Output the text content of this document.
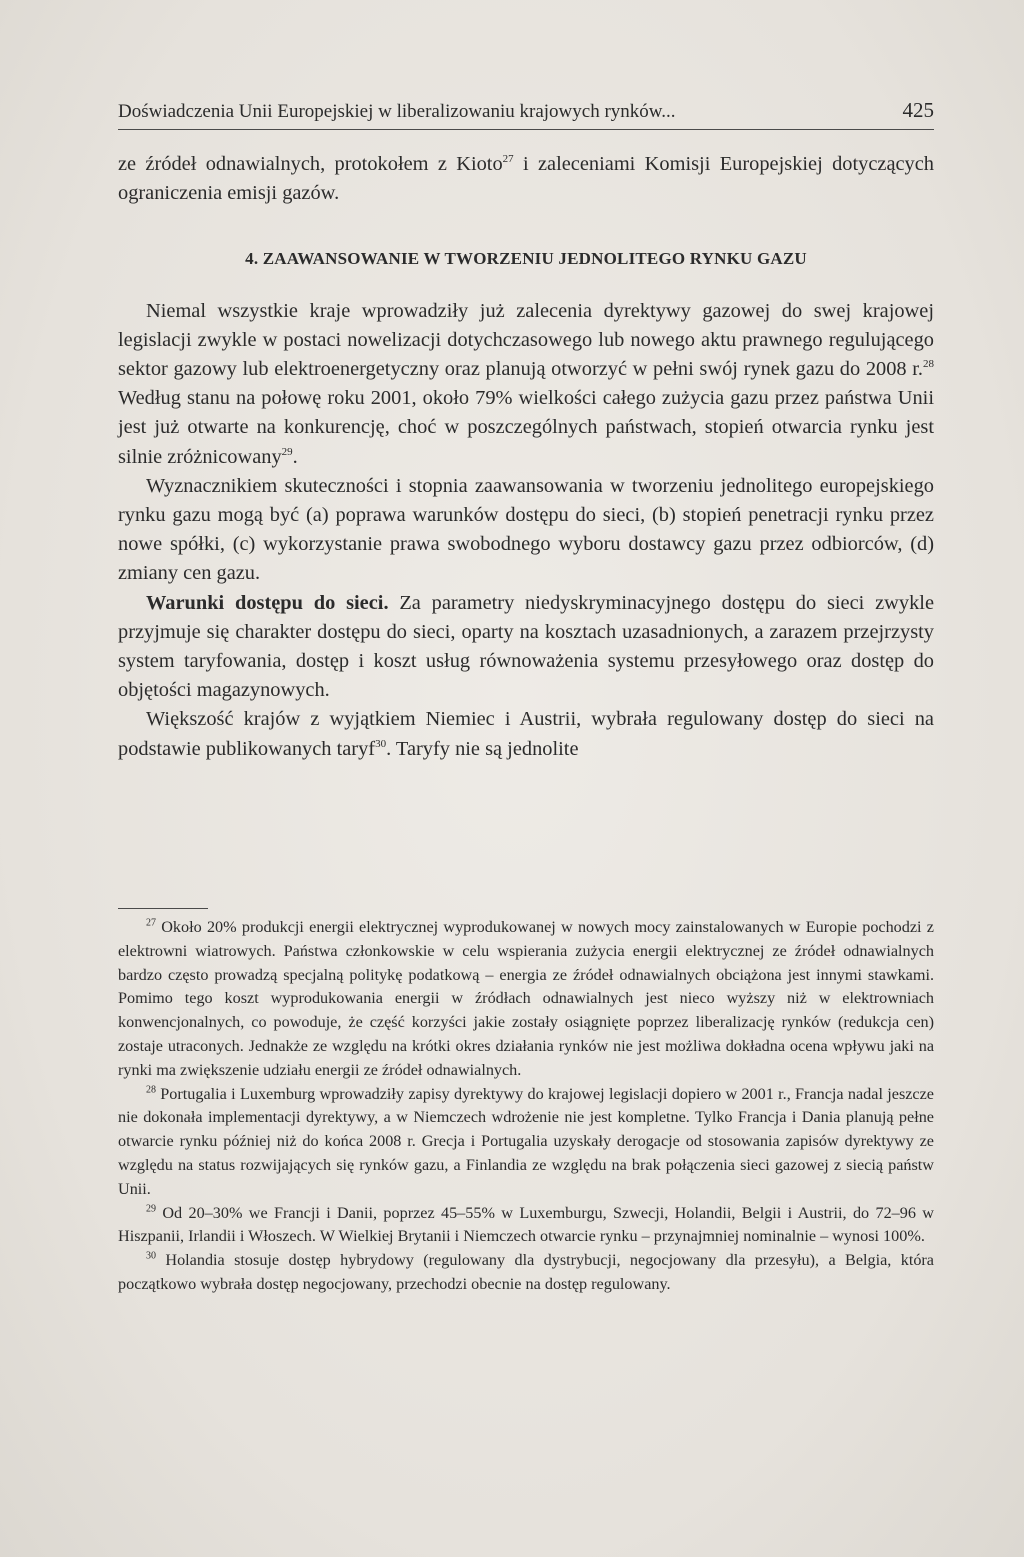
Doświadczenia Unii Europejskiej w liberalizowaniu krajowych rynków...	425

ze źródeł odnawialnych, protokołem z Kioto$^{27}$ i zaleceniami Komisji Europejskiej dotyczących ograniczenia emisji gazów.

4. ZAAWANSOWANIE W TWORZENIU JEDNOLITEGO RYNKU GAZU

Niemal wszystkie kraje wprowadziły już zalecenia dyrektywy gazowej do swej krajowej legislacji zwykle w postaci nowelizacji dotychczasowego lub nowego aktu prawnego regulującego sektor gazowy lub elektroenergetyczny oraz planują otworzyć w pełni swój rynek gazu do 2008 r.$^{28}$ Według stanu na połowę roku 2001, około 79% wielkości całego zużycia gazu przez państwa Unii jest już otwarte na konkurencję, choć w poszczególnych państwach, stopień otwarcia rynku jest silnie zróżnicowany$^{29}$.

Wyznacznikiem skuteczności i stopnia zaawansowania w tworzeniu jednolitego europejskiego rynku gazu mogą być (a) poprawa warunków dostępu do sieci, (b) stopień penetracji rynku przez nowe spółki, (c) wykorzystanie prawa swobodnego wyboru dostawcy gazu przez odbiorców, (d) zmiany cen gazu.

Warunki dostępu do sieci. Za parametry niedyskryminacyjnego dostępu do sieci zwykle przyjmuje się charakter dostępu do sieci, oparty na kosztach uzasadnionych, a zarazem przejrzysty system taryfowania, dostęp i koszt usług równoważenia systemu przesyłowego oraz dostęp do objętości magazynowych.

Większość krajów z wyjątkiem Niemiec i Austrii, wybrała regulowany dostęp do sieci na podstawie publikowanych taryf$^{30}$. Taryfy nie są jednolite

$^{27}$ Około 20% produkcji energii elektrycznej wyprodukowanej w nowych mocy zainstalowanych w Europie pochodzi z elektrowni wiatrowych. Państwa członkowskie w celu wspierania zużycia energii elektrycznej ze źródeł odnawialnych bardzo często prowadzą specjalną politykę podatkową – energia ze źródeł odnawialnych obciążona jest innymi stawkami. Pomimo tego koszt wyprodukowania energii w źródłach odnawialnych jest nieco wyższy niż w elektrowniach konwencjonalnych, co powoduje, że część korzyści jakie zostały osiągnięte poprzez liberalizację rynków (redukcja cen) zostaje utraconych. Jednakże ze względu na krótki okres działania rynków nie jest możliwa dokładna ocena wpływu jaki na rynki ma zwiększenie udziału energii ze źródeł odnawialnych.

$^{28}$ Portugalia i Luxemburg wprowadziły zapisy dyrektywy do krajowej legislacji dopiero w 2001 r., Francja nadal jeszcze nie dokonała implementacji dyrektywy, a w Niemczech wdrożenie nie jest kompletne. Tylko Francja i Dania planują pełne otwarcie rynku później niż do końca 2008 r. Grecja i Portugalia uzyskały derogacje od stosowania zapisów dyrektywy ze względu na status rozwijających się rynków gazu, a Finlandia ze względu na brak połączenia sieci gazowej z siecią państw Unii.

$^{29}$ Od 20–30% we Francji i Danii, poprzez 45–55% w Luxemburgu, Szwecji, Holandii, Belgii i Austrii, do 72–96 w Hiszpanii, Irlandii i Włoszech. W Wielkiej Brytanii i Niemczech otwarcie rynku – przynajmniej nominalnie – wynosi 100%.

$^{30}$ Holandia stosuje dostęp hybrydowy (regulowany dla dystrybucji, negocjowany dla przesyłu), a Belgia, która początkowo wybrała dostęp negocjowany, przechodzi obecnie na dostęp regulowany.
